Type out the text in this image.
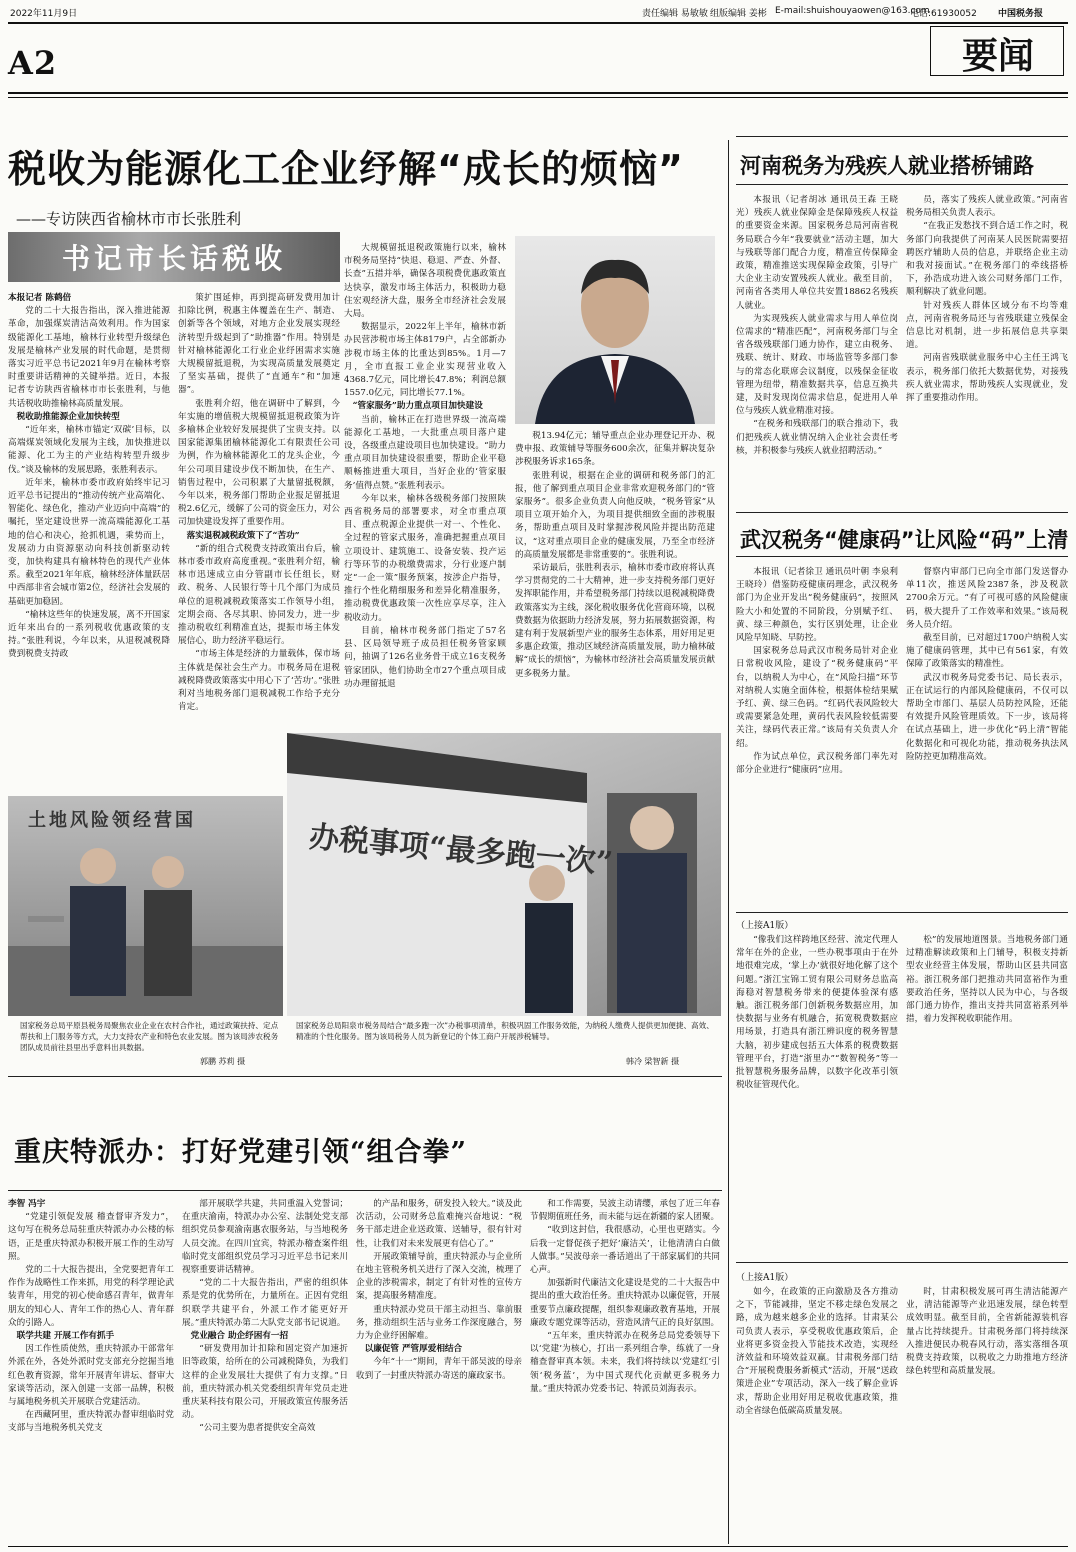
2022年11月9日	责任编辑 易敏敏 组版编辑 姜彬 E-mail:shuishouyaowen@163.com
电话:61930052 中国税务报
A2	要闻
税收为能源化工企业纾解“成长的烦恼”
——专访陕西省榆林市市长张胜利
书记市长话税收

本报记者 陈鹤倍

党的二十大报告指出，深入推进能源革命，加强煤炭清洁高效利用。作为国家级能源化工基地，榆林行业转型升级绿色发展是榆林产业发展的时代命题，是贯彻落实习近平总书记2021年9月在榆林考察时重要讲话精神的关键举措。近日，本报记者专访陕西省榆林市市长张胜利，与他共话税收助推榆林高质量发展。

税收助推能源企业加快转型

“近年来，榆林市锚定‘双碳’目标，以高端煤炭领域化发展为主线，加快推进以能源、化工为主的产业结构转型升级步伐。”谈及榆林的发展思路，张胜利表示。

近年来，榆林市委市政府始终牢记习近平总书记提出的“推动传统产业高端化、智能化、绿色化，推动产业迈向中高端”的嘱托，坚定建设世界一流高端能源化工基地的信心和决心，抢抓机遇，乘势而上，发展动力由资源驱动向科技创新驱动转变，加快构建具有榆林特色的现代产业体系。截至2021年年底，榆林经济体量跃居中西部非省会城市第2位，经济社会发展的基础更加稳固。

“榆林这些年的快速发展，离不开国家近年来出台的一系列税收优惠政策的支持。”张胜利说，今年以来，从退税减税降费到税费支持政

策扩围延伸，再到提高研发费用加计扣除比例，税惠主体覆盖在生产、制造、创新等各个领域，对地方企业发展实现经济转型升级起到了“助推器”作用。特别是针对榆林能源化工行业企业纾困需求实施大规模留抵退税，为实现高质量发展奠定了坚实基础，提供了“直通车”和“加速器”。

张胜利介绍，他在调研中了解到，今年实施的增值税大规模留抵退税政策为许多榆林企业较好发展提供了宝贵支持。以国家能源集团榆林能源化工有限责任公司为例，作为榆林能源化工的龙头企业，今年公司项目建设步伐不断加快，在生产、销售过程中，公司积累了大量留抵税额，今年以来，税务部门帮助企业报足留抵退税2.6亿元，缓解了公司的资金压力，对公司加快建设发挥了重要作用。

落实退税减税政策下了“苦功”

“新的组合式税费支持政策出台后，榆林市委市政府高度重视。”张胜利介绍，榆林市迅速成立由分管副市长任组长，财政、税务、人民银行等十几个部门为成员单位的退税减税政策落实工作领导小组，定期会商、各尽其职、协同发力，进一步推动税收红利精准直达，提振市场主体发展信心，助力经济平稳运行。

“市场主体是经济的力量载体，保市场主体就是保社会生产力。市税务局在退税减税降费政策落实中用心下了‘苦功’。”张胜利对当地税务部门退税减税工作给予充分肯定。

大规模留抵退税政策施行以来，榆林市税务局坚持“快退、稳退、严查、外督、长查”五措并举，确保各项税费优惠政策直达快享，激发市场主体活力，积极助力稳住宏观经济大盘，服务全市经济社会发展大局。

数据显示，2022年上半年，榆林市新办民营涉税市场主体8179户，占全部新办涉税市场主体的比重达到85%。1月—7月，全市直报工业企业实现营业收入4368.7亿元，同比增长47.8%；利润总额1557.0亿元，同比增长77.1%。

“管家服务”助力重点项目加快建设

当前，榆林正在打造世界级一流高端能源化工基地，一大批重点项目落户建设，各级重点建设项目也加快建设。“助力重点项目加快建设很重要，帮助企业平稳顺畅推进重大项目，当好企业的‘管家服务’值得点赞。”张胜利表示。

今年以来，榆林各级税务部门按照陕西省税务局的部署要求，对全市重点项目、重点税源企业提供一对一、个性化、全过程的管家式服务，准确把握重点项目立项设计、建筑施工、设备安装、投产运行等环节的办税缴费需求，分行业逐户制定“一企一策”服务预案，按涉企户指导，推行个性化精细服务和差异化精准服务，推动税费优惠政策一次性应享尽享，注入税收动力。

目前，榆林市税务部门指定了57名县、区局领导班子成员担任税务管家顾问，抽调了126名业务骨干成立16支税务管家团队，他们协助全市27个重点项目成功办理留抵退

税13.94亿元；辅导重点企业办理登记开办、税费申报、政策辅导等服务600余次，征集并解决复杂涉税服务诉求165条。

张胜利说，根据在企业的调研和税务部门的汇报，他了解到重点项目企业非常欢迎税务部门的“管家服务”。很多企业负责人向他反映，“税务管家”从项目立项开始介入，为项目提供细致全面的涉税服务，帮助重点项目及时掌握涉税风险并提出防范建议，“这对重点项目企业的健康发展，乃至全市经济的高质量发展都是非常重要的”。张胜利说。

采访最后，张胜利表示，榆林市委市政府将认真学习贯彻党的二十大精神，进一步支持税务部门更好发挥职能作用，并希望税务部门持续以退税减税降费政策落实为主线，深化税收服务优化营商环境，以税费数据为依据助力经济发展，努力拓展数据资源，构建有利于发展新型产业的服务生态体系，用好用足更多惠企政策，推动区域经济高质量发展，助力榆林破解“成长的烦恼”，为榆林市经济社会高质量发展贡献更多税务力量。

土地风险领经营国	办税事项“最多跑一次”
国家税务总局平原县税务局聚焦农业企业在农村合作社，通过政策扶持、定点帮扶和上门服务等方式，大力支持农产业和特色农业发展。图为该局涉农税务团队成员前往县里出乎意料出具数据。
郭鹏 苏莉 摄
国家税务总局阳泉市税务局结合“最多跑一次”办税事项清单，积极巩固工作服务效能，为纳税人缴费人提供更加便捷、高效、精准的个性化服务。图为该局税务人员为新登记的个体工商户开展涉税辅导。
韩冷 梁智新 摄
重庆特派办：打好党建引领“组合拳”

李智 冯宇

“党建引领促发展 稽查督审齐发力”，这句写在税务总局驻重庆特派办办公楼的标语，正是重庆特派办积极开展工作的生动写照。

党的二十大报告提出，全党要把青年工作作为战略性工作来抓，用党的科学理论武装青年，用党的初心使命感召青年，做青年朋友的知心人、青年工作的热心人、青年群众的引路人。

联学共建 开展工作有抓手

因工作性质使然，重庆特派办干部常年外派在外，各处外派时党支部充分挖掘当地红色教育资源，常年开展青年讲坛、督审大家谈等活动，深入创建一支部一品牌，积极与属地税务机关开展联合党建活动。

在西藏阿里，重庆特派办督审组临时党支部与当地税务机关党支

部开展联学共建，共同重温入党誓词；在重庆渝南，特派办办公室、法制处党支部组织党员参观渝南惠农服务站，与当地税务人员交流。在四川宜宾，特派办稽查案件组临时党支部组织党员学习习近平总书记来川视察重要讲话精神。

“党的二十大报告指出，严密的组织体系是党的优势所在，力量所在。正因有党组织联学共建平台，外派工作才能更好开展。”重庆特派办第二大队党支部书记说道。

党业融合 助企纾困有一招

“研发费用加计扣除和固定资产加速折旧等政策，给所在的公司减税降负，为我们这样的企业发展壮大提供了有力支撑。”日前，重庆特派办机关党委组织青年党员走进重庆某科技有限公司，开展政策宣传服务活动。

“公司主要为患者提供安全高效

的产品和服务，研发投入较大。”谈及此次活动，公司财务总监难掩兴奋地说：“税务干部走进企业送政策、送辅导，很有针对性，让我们对未来发展更有信心了。”

开展政策辅导前，重庆特派办与企业所在地主管税务机关进行了深入交流，梳理了企业的涉税需求，制定了有针对性的宣传方案，提高服务精准度。

重庆特派办党员干部主动担当、靠前服务，推动组织生活与业务工作深度融合，努力为企业纾困解难。

以廉促管 严管厚爱相结合

今年“十一”期间，青年干部吴波的母亲收到了一封重庆特派办寄送的廉政家书。

和工作需要，吴波主动请缨，承包了近三年春节假期值班任务，而未能与远在新疆的家人团聚。

“收到这封信，我很感动，心里也更踏实。今后我一定督促孩子把好‘廉洁关’，让他清清白白做人做事。”吴波母亲一番话道出了干部家属们的共同心声。

加强新时代廉洁文化建设是党的二十大报告中提出的重大政治任务。重庆特派办以廉促管，开展重要节点廉政提醒，组织参观廉政教育基地，开展廉政专题党课等活动，营造风清气正的良好氛围。

“五年来，重庆特派办在税务总局党委领导下以‘党建’为核心，打出一系列组合拳，练就了一身稽查督审真本领。未来，我们将持续以‘党建红’引领‘税务蓝’，为中国式现代化贡献更多税务力量。”重庆特派办党委书记、特派员刘海表示。

河南税务为残疾人就业搭桥铺路

本报讯（记者胡冰 通讯员王森 王晓光）残疾人就业保障金是保障残疾人权益的重要资金来源。国家税务总局河南省税务局联合今年“我要就业”活动主题，加大与残联等部门配合力度，精准宣传保障金政策，精准推送实现保障金政策，引导广大企业主动安置残疾人就业。截至目前，河南省各类用人单位共安置18862名残疾人就业。

为实现残疾人就业需求与用人单位岗位需求的“精准匹配”，河南税务部门与全省各级残联部门通力协作，建立由税务、残联、统计、财政、市场监管等多部门参与的常态化联席会议制度，以残保金征收管理为纽带，精准数据共享，信息互换共建，及时发现岗位需求信息，促进用人单位与残疾人就业精准对接。

“在税务和残联部门的联合推动下，我们把残疾人就业情况纳入企业社会责任考核，并积极参与残疾人就业招聘活动。”

员，落实了残疾人就业政策。”河南省税务局相关负责人表示。

“在我正发愁找不到合适工作之时，税务部门向我提供了河南某人民医院需要招聘医疗辅助人员的信息，并联络企业主动和我对接面试。”在税务部门的牵线搭桥下，孙浩成功进入该公司财务部门工作，顺利解决了就业问题。

针对残疾人群体区域分布不均等难点，河南省税务局还与省残联建立残保金信息比对机制，进一步拓展信息共享渠道。

河南省残联就业服务中心主任王鸿飞表示，税务部门依托大数据优势，对接残疾人就业需求，帮助残疾人实现就业，发挥了重要推动作用。

武汉税务“健康码”让风险“码”上清

本报讯（记者徐卫 通讯员叶朝 李泉利 王晓玲）借鉴防疫健康码理念，武汉税务部门为企业开发出“税务健康码”，按照风险大小和处置的不同阶段，分别赋予红、黄、绿三种颜色，实行区别处理，让企业风险早知晓、早防控。

国家税务总局武汉市税务局针对企业日常税收风险，建设了“税务健康码”平台，以纳税人为中心，在“风险扫描”环节对纳税人实施全面体检，根据体检结果赋予红、黄、绿三色码。“红码代表风险较大或需要紧急处理，黄码代表风险较低需要关注，绿码代表正常。”该局有关负责人介绍。

作为试点单位，武汉税务部门率先对部分企业进行“健康码”应用。

督察内审部门已向全市部门发送督办单11次，推送风险2387条，涉及税款2700余万元。“有了可视可感的风险健康码，极大提升了工作效率和效果。”该局税务人员介绍。

截至目前，已对超过1700户纳税人实施了健康码管理，其中已有561家，有效保障了政策落实的精准性。

武汉市税务局党委书记、局长表示，正在试运行的内部风险健康码，不仅可以帮助全市部门、基层人员防控风险，还能有效提升风险管理质效。下一步，该局将在试点基础上，进一步优化“码上清”智能化数据化和可视化功能，推动税务执法风险防控更加精准高效。

（上接A1版）

“像我们这样跨地区经营、流定代理人常年在外的企业，一些办税事项由于在外地很难完成，‘掌上办’就很好地化解了这个问题。”浙江宝锦工贸有限公司财务总监高海稳对智慧税务带来的便捷体验深有感触。浙江税务部门创新税务数据应用，加快数据与业务有机融合，拓宽税费数据应用场景，打造具有浙江辨识度的税务智慧大脑，初步建成包括五大体系的税费数据管理平台，打造“浙里办”“数智税务”等一批智慧税务服务品牌，以数字化改革引领税收征管现代化。

松”的发展地道图景。当地税务部门通过精准解读政策和上门辅导，积极支持新型农业经营主体发展，帮助山区县共同富裕。浙江税务部门把推动共同富裕作为重要政治任务，坚持以人民为中心，与各级部门通力协作，推出支持共同富裕系列举措，着力发挥税收职能作用。

（上接A1版）

如今，在政策的正向激励及各方推动之下，节能减排，坚定不移走绿色发展之路，成为越来越多企业的选择。甘肃某公司负责人表示，享受税收优惠政策后，企业将更多资金投入节能技术改造，实现经济效益和环境效益双赢。甘肃税务部门结合“开展税费服务新模式”活动，开展“送政策进企业”专项活动，深入一线了解企业诉求，帮助企业用好用足税收优惠政策，推动全省绿色低碳高质量发展。

时，甘肃积极发展可再生清洁能源产业，清洁能源等产业迅速发展，绿色转型成效明显。截至目前，全省新能源装机容量占比持续提升。甘肃税务部门将持续深入推进便民办税春风行动，落实落细各项税费支持政策，以税收之力助推地方经济绿色转型和高质量发展。
